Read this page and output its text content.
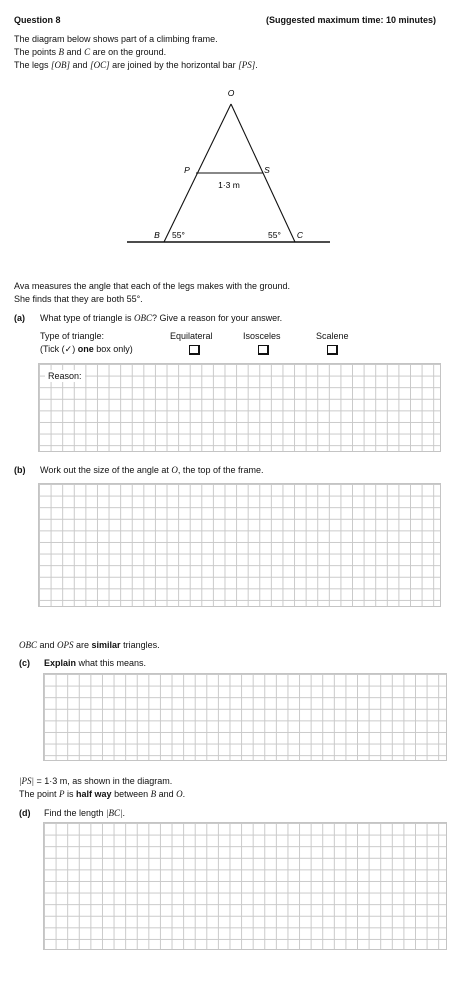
Question 8	(Suggested maximum time: 10 minutes)
The diagram below shows part of a climbing frame.
The points B and C are on the ground.
The legs [OB] and [OC] are joined by the horizontal bar [PS].
O
P	S
1·3 m
B	C
55°	55°
Ava measures the angle that each of the legs makes with the ground.
She finds that they are both 55°.
(a) What type of triangle is OBC? Give a reason for your answer.
Type of triangle:
(Tick (✓) one box only)
Equilateral	Isosceles	Scalene
Reason:
(b) Work out the size of the angle at O, the top of the frame.
OBC and OPS are similar triangles.
(c) Explain what this means.
|PS| = 1·3 m, as shown in the diagram.
The point P is half way between B and O.
(d) Find the length |BC|.
